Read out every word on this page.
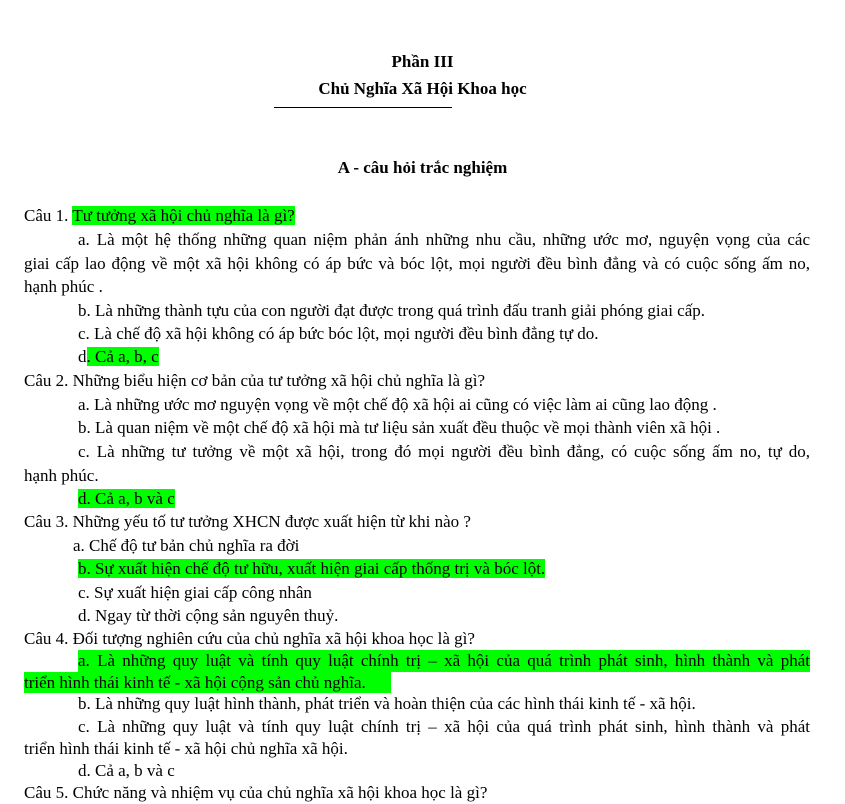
Phần III
Chủ Nghĩa Xã Hội Khoa học
A - câu hỏi trắc nghiệm
Câu 1. Tư tưởng xã hội chủ nghĩa là gì?
a. Là một hệ thống những quan niệm phản ánh những nhu cầu, những ước mơ, nguyện vọng của các
giai cấp lao động về một xã hội không có áp bức và bóc lột, mọi người đều bình đẳng và có cuộc sống ấm no,
hạnh phúc .
b. Là những thành tựu của con người đạt được trong quá trình đấu tranh giải phóng giai cấp.
c. Là chế độ xã hội không có áp bức bóc lột, mọi người đều bình đẳng tự do.
d. Cả a, b, c
Câu 2. Những biểu hiện cơ bản của tư tưởng xã hội chủ nghĩa là gì?
a. Là những ước mơ nguyện vọng về một chế độ xã hội ai cũng có việc làm ai cũng lao động .
b. Là quan niệm về một chế độ xã hội mà tư liệu sản xuất đều thuộc về mọi thành viên xã hội .
c. Là những tư tưởng về một xã hội, trong đó mọi người đều bình đẳng, có cuộc sống ấm no, tự do,
hạnh phúc.
d. Cả a, b và c
Câu 3. Những yếu tố tư tưởng XHCN được xuất hiện từ khi nào ?
a. Chế độ tư bản chủ nghĩa ra đời
b. Sự xuất hiện chế độ tư hữu, xuất hiện giai cấp thống trị và bóc lột.
c. Sự xuất hiện giai cấp công nhân
d. Ngay từ thời cộng sản nguyên thuỷ.
Câu 4. Đối tượng nghiên cứu của chủ nghĩa xã hội khoa học là gì?
a. Là những quy luật và tính quy luật chính trị – xã hội của quá trình phát sinh, hình thành và phát
triển hình thái kinh tế - xã hội cộng sản chủ nghĩa.
b. Là những quy luật hình thành, phát triển và hoàn thiện của các hình thái kinh tế - xã hội.
c. Là những quy luật và tính quy luật chính trị – xã hội của quá trình phát sinh, hình thành và phát
triển hình thái kinh tế - xã hội chủ nghĩa xã hội.
d. Cả a, b và c
Câu 5. Chức năng và nhiệm vụ của chủ nghĩa xã hội khoa học là gì?
